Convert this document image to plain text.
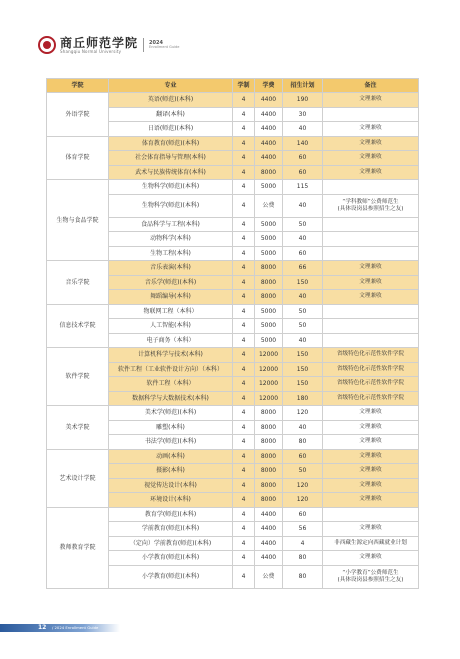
商丘师范学院
Shangqiu Normal University
2024
Enrollment Guide
学院	专业	学制	学费	招生计划	备注
外语学院	英语(师范)(本科)	4	4400	190	文理兼收
	翻译(本科)	4	4400	30	
	日语(师范)(本科)	4	4400	40	文理兼收
体育学院	体育教育(师范)(本科)	4	4400	140	文理兼收
	社会体育指导与管理(本科)	4	4400	60	文理兼收
	武术与民族传统体育(本科)	4	8000	60	文理兼收
生物与食品学院	生物科学(师范)(本科)	4	5000	115	
	生物科学(师范)(本科)	4	公费	40	“学科教师”公费师范生
(具体设岗县参照招生之友)
	食品科学与工程(本科)	4	5000	50	
	动物科学(本科)	4	5000	40	
	生物工程(本科)	4	5000	60	
音乐学院	音乐表演(本科)	4	8000	66	文理兼收
	音乐学(师范)(本科)	4	8000	150	文理兼收
	舞蹈编导(本科)	4	8000	40	文理兼收
信息技术学院	物联网工程（本科）	4	5000	50	
	人工智能(本科)	4	5000	50	
	电子商务（本科）	4	5000	40	
软件学院	计算机科学与技术(本科)	4	12000	150	省级特色化示范性软件学院
	软件工程（工业软件设计方向）（本科）	4	12000	150	省级特色化示范性软件学院
	软件工程（本科）	4	12000	150	省级特色化示范性软件学院
	数据科学与大数据技术(本科)	4	12000	180	省级特色化示范性软件学院
美术学院	美术学(师范)(本科)	4	8000	120	文理兼收
	雕塑(本科)	4	8000	40	文理兼收
	书法学(师范)(本科)	4	8000	80	文理兼收
艺术设计学院	动画(本科)	4	8000	60	文理兼收
	摄影(本科)	4	8000	50	文理兼收
	视觉传达设计(本科)	4	8000	120	文理兼收
	环境设计(本科)	4	8000	120	文理兼收
教师教育学院	教育学(师范)(本科)	4	4400	60	
	学前教育(师范)(本科)	4	4400	56	文理兼收
	（定向）学前教育(师范)(本科)	4	4400	4	非西藏生源定向西藏就业计划
	小学教育(师范)(本科)	4	4400	80	文理兼收
	小学教育(师范)(本科)	4	公费	80	“小学教育”公费师范生
(具体设岗县参照招生之友)
12 / 2024 Enrollment Guide
